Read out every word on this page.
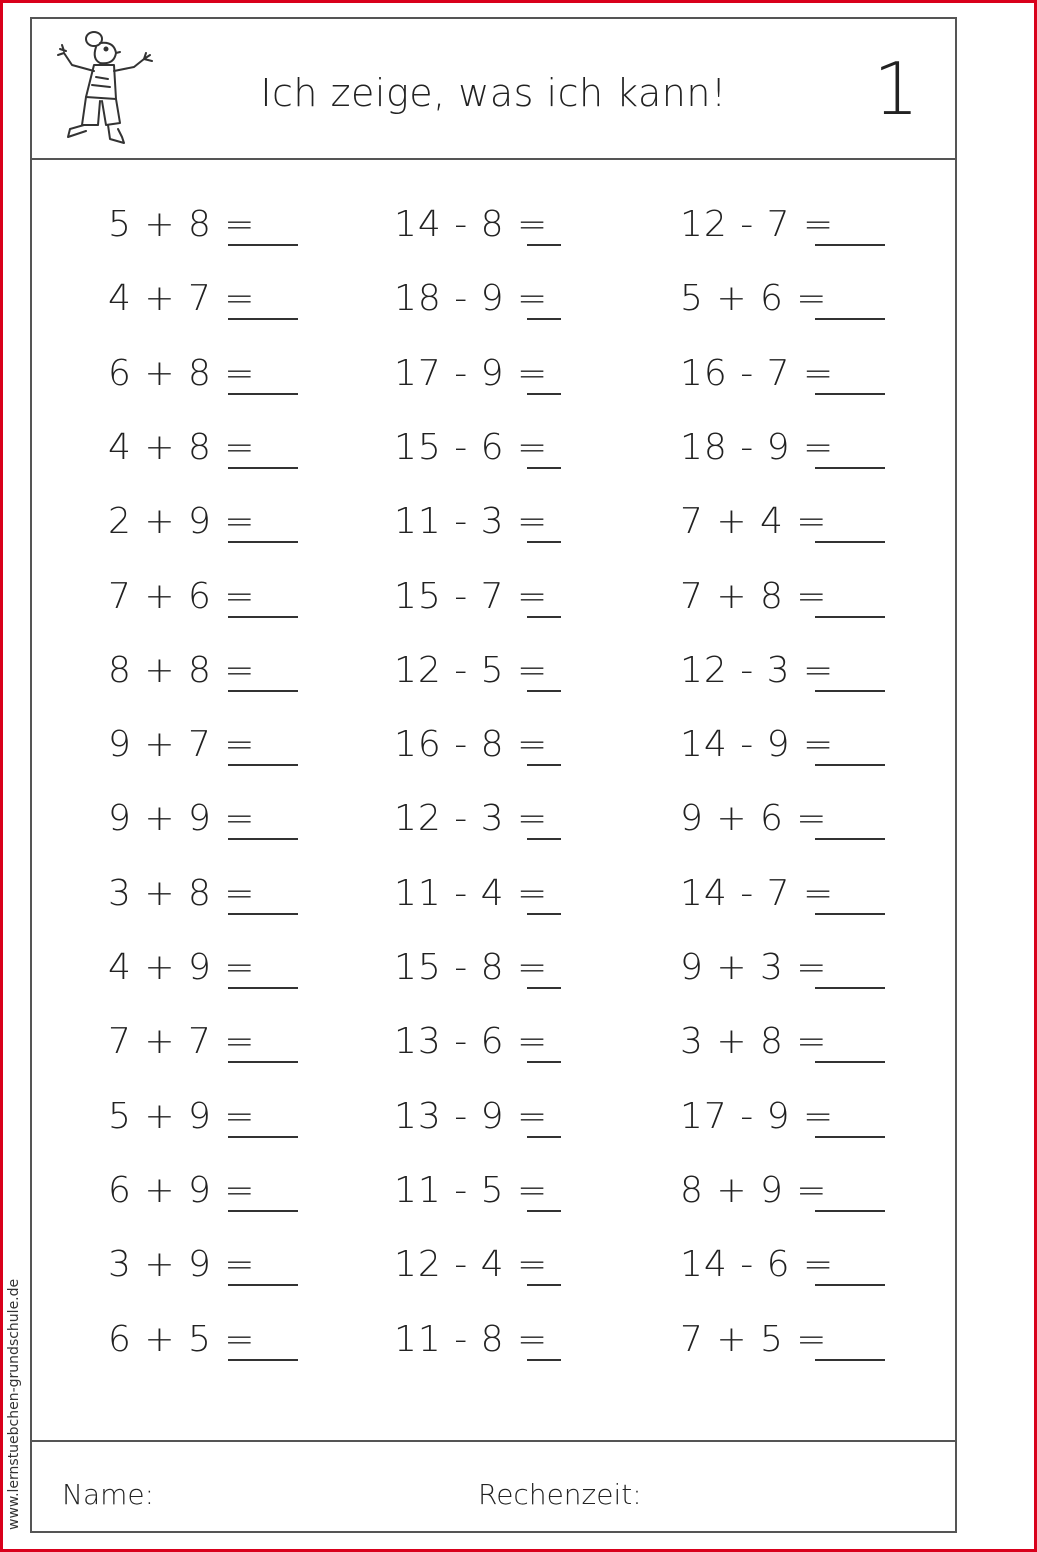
Ich zeige, was ich kann!	1
5 + 8 =	14 - 8 =	12 - 7 =
4 + 7 =	18 - 9 =	5 + 6 =
6 + 8 =	17 - 9 =	16 - 7 =
4 + 8 =	15 - 6 =	18 - 9 =
2 + 9 =	11 - 3 =	7 + 4 =
7 + 6 =	15 - 7 =	7 + 8 =
8 + 8 =	12 - 5 =	12 - 3 =
9 + 7 =	16 - 8 =	14 - 9 =
9 + 9 =	12 - 3 =	9 + 6 =
3 + 8 =	11 - 4 =	14 - 7 =
4 + 9 =	15 - 8 =	9 + 3 =
7 + 7 =	13 - 6 =	3 + 8 =
5 + 9 =	13 - 9 =	17 - 9 =
6 + 9 =	11 - 5 =	8 + 9 =
3 + 9 =	12 - 4 =	14 - 6 =
6 + 5 =	11 - 8 =	7 + 5 =
Name:	Rechenzeit:
www.lernstuebchen-grundschule.de
